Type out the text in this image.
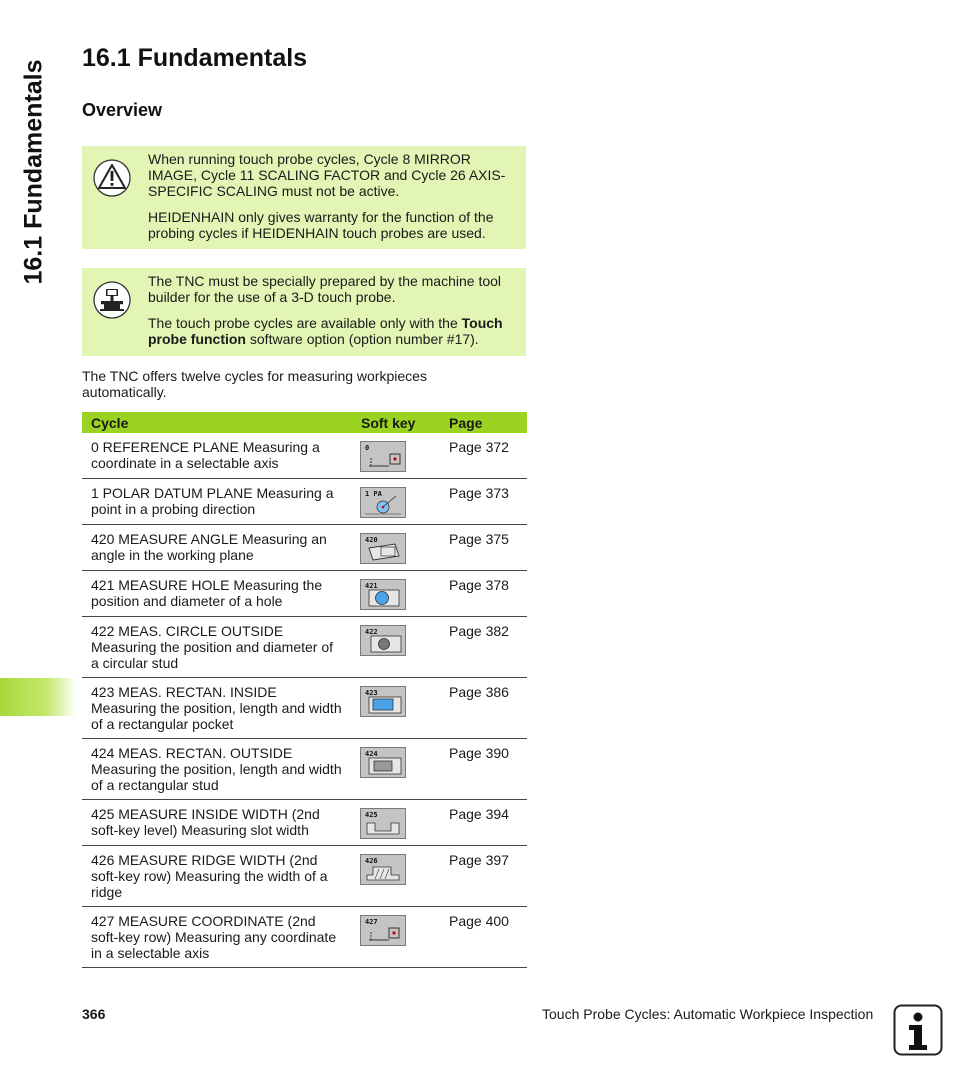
16.1 Fundamentals
16.1 Fundamentals
Overview

When running touch probe cycles, Cycle 8 MIRROR IMAGE, Cycle 11 SCALING FACTOR and Cycle 26 AXIS-SPECIFIC SCALING must not be active.

HEIDENHAIN only gives warranty for the function of the probing cycles if HEIDENHAIN touch probes are used.

The TNC must be specially prepared by the machine tool builder for the use of a 3-D touch probe.

The touch probe cycles are available only with the Touch probe function software option (option number #17).

The TNC offers twelve cycles for measuring workpieces automatically.

Cycle	Soft key	Page
0 REFERENCE PLANE Measuring a coordinate in a selectable axis	0	Page 372
1 POLAR DATUM PLANE Measuring a point in a probing direction	1 PA	Page 373
420 MEASURE ANGLE Measuring an angle in the working plane	420	Page 375
421 MEASURE HOLE Measuring the position and diameter of a hole	421	Page 378
422 MEAS. CIRCLE OUTSIDE Measuring the position and diameter of a circular stud	422	Page 382
423 MEAS. RECTAN. INSIDE Measuring the position, length and width of a rectangular pocket	423	Page 386
424 MEAS. RECTAN. OUTSIDE Measuring the position, length and width of a rectangular stud	424	Page 390
425 MEASURE INSIDE WIDTH (2nd soft-key level) Measuring slot width	425	Page 394
426 MEASURE RIDGE WIDTH (2nd soft-key row) Measuring the width of a ridge	426	Page 397
427 MEASURE COORDINATE (2nd soft-key row) Measuring any coordinate in a selectable axis	427	Page 400
366	Touch Probe Cycles: Automatic Workpiece Inspection
